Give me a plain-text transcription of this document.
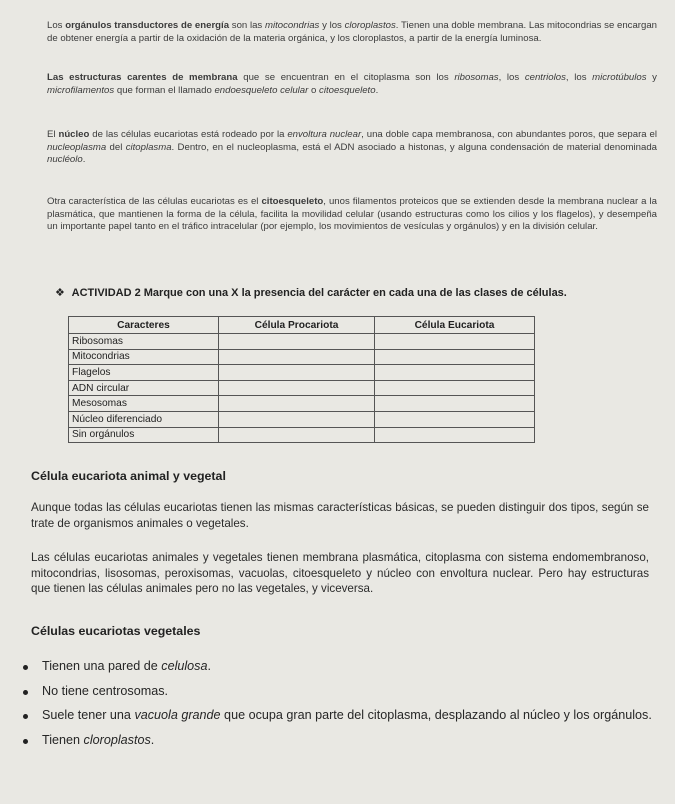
Los orgánulos transductores de energía son las mitocondrias y los cloroplastos. Tienen una doble membrana. Las mitocondrias se encargan de obtener energía a partir de la oxidación de la materia orgánica, y los cloroplastos, a partir de la energía luminosa.

Las estructuras carentes de membrana que se encuentran en el citoplasma son los ribosomas, los centriolos, los microtúbulos y microfilamentos que forman el llamado endoesqueleto celular o citoesqueleto.

El núcleo de las células eucariotas está rodeado por la envoltura nuclear, una doble capa membranosa, con abundantes poros, que separa el nucleoplasma del citoplasma. Dentro, en el nucleoplasma, está el ADN asociado a histonas, y alguna condensación de material denominada nucléolo.

Otra característica de las células eucariotas es el citoesqueleto, unos filamentos proteicos que se extienden desde la membrana nuclear a la plasmática, que mantienen la forma de la célula, facilita la movilidad celular (usando estructuras como los cilios y los flagelos), y desempeña un importante papel tanto en el tráfico intracelular (por ejemplo, los movimientos de vesículas y orgánulos) y en la división celular.

❖ ACTIVIDAD 2 Marque con una X la presencia del carácter en cada una de las clases de células.
Caracteres	Célula Procariota	Célula Eucariota
Ribosomas		
Mitocondrias		
Flagelos		
ADN circular		
Mesosomas		
Núcleo diferenciado		
Sin orgánulos		
Célula eucariota animal y vegetal

Aunque todas las células eucariotas tienen las mismas características básicas, se pueden distinguir dos tipos, según se trate de organismos animales o vegetales.

Las células eucariotas animales y vegetales tienen membrana plasmática, citoplasma con sistema endomembranoso, mitocondrias, lisosomas, peroxisomas, vacuolas, citoesqueleto y núcleo con envoltura nuclear. Pero hay estructuras que tienen las células animales pero no las vegetales, y viceversa.

Células eucariotas vegetales
Tienen una pared de celulosa.
No tiene centrosomas.
Suele tener una vacuola grande que ocupa gran parte del citoplasma, desplazando al núcleo y los orgánulos.
Tienen cloroplastos.
